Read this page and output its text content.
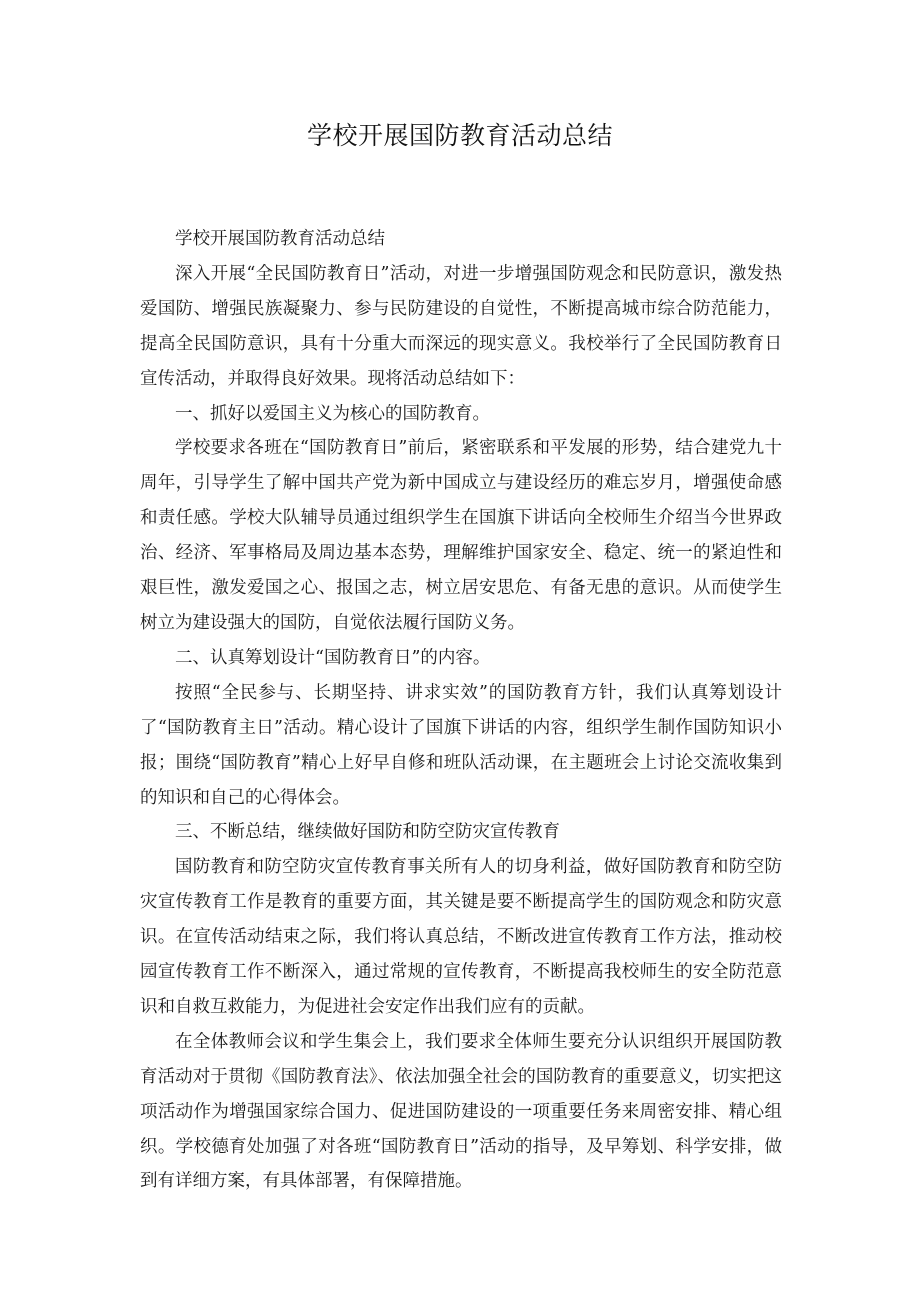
学校开展国防教育活动总结

学校开展国防教育活动总结

深入开展“全民国防教育日”活动，对进一步增强国防观念和民防意识，激发热爱国防、增强民族凝聚力、参与民防建设的自觉性，不断提高城市综合防范能力，提高全民国防意识，具有十分重大而深远的现实意义。我校举行了全民国防教育日宣传活动，并取得良好效果。现将活动总结如下：

一、抓好以爱国主义为核心的国防教育。

学校要求各班在“国防教育日”前后，紧密联系和平发展的形势，结合建党九十周年，引导学生了解中国共产党为新中国成立与建设经历的难忘岁月，增强使命感和责任感。学校大队辅导员通过组织学生在国旗下讲话向全校师生介绍当今世界政治、经济、军事格局及周边基本态势，理解维护国家安全、稳定、统一的紧迫性和艰巨性，激发爱国之心、报国之志，树立居安思危、有备无患的意识。从而使学生树立为建设强大的国防，自觉依法履行国防义务。

二、认真筹划设计“国防教育日”的内容。

按照“全民参与、长期坚持、讲求实效”的国防教育方针，我们认真筹划设计了“国防教育主日”活动。精心设计了国旗下讲话的内容，组织学生制作国防知识小报；围绕“国防教育”精心上好早自修和班队活动课，在主题班会上讨论交流收集到的知识和自己的心得体会。

三、不断总结，继续做好国防和防空防灾宣传教育

国防教育和防空防灾宣传教育事关所有人的切身利益，做好国防教育和防空防灾宣传教育工作是教育的重要方面，其关键是要不断提高学生的国防观念和防灾意识。在宣传活动结束之际，我们将认真总结，不断改进宣传教育工作方法，推动校园宣传教育工作不断深入，通过常规的宣传教育，不断提高我校师生的安全防范意识和自救互救能力，为促进社会安定作出我们应有的贡献。

在全体教师会议和学生集会上，我们要求全体师生要充分认识组织开展国防教育活动对于贯彻《国防教育法》、依法加强全社会的国防教育的重要意义，切实把这项活动作为增强国家综合国力、促进国防建设的一项重要任务来周密安排、精心组织。学校德育处加强了对各班“国防教育日”活动的指导，及早筹划、科学安排，做到有详细方案，有具体部署，有保障措施。
